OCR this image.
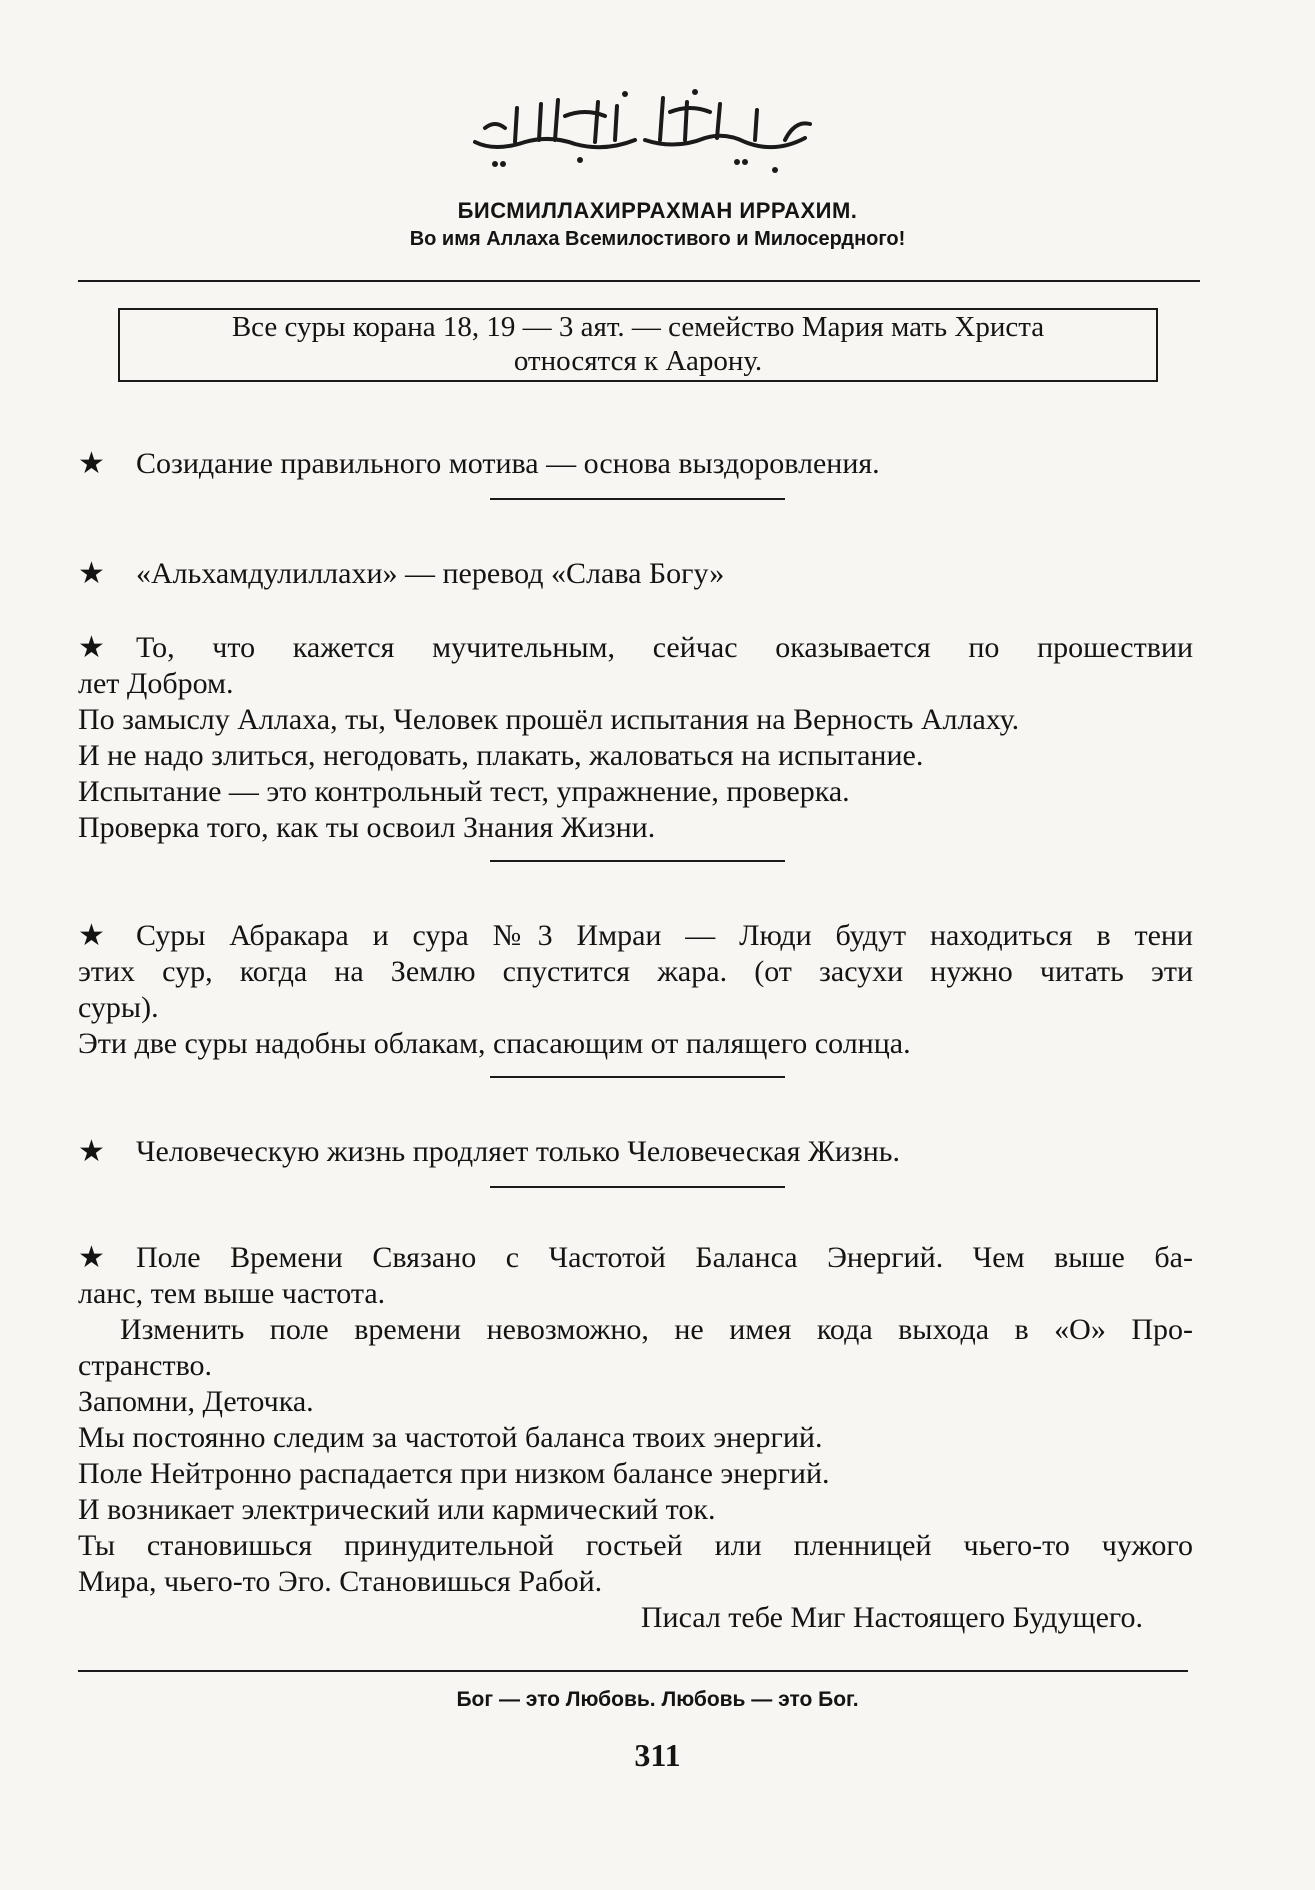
БИСМИЛЛАХИРРАХМАН ИРРАХИМ.
Во имя Аллаха Всемилостивого и Милосердного!
Все суры корана 18, 19 — 3 аят. — семейство Мария мать Христа
относятся к Аарону.
★ Созидание правильного мотива — основа выздоровления.
★ «Альхамдулиллахи» — перевод «Слава Богу»
★ То, что кажется мучительным, сейчас оказывается по прошествии
лет Добром.
По замыслу Аллаха, ты, Человек прошёл испытания на Верность Аллаху.
И не надо злиться, негодовать, плакать, жаловаться на испытание.
Испытание — это контрольный тест, упражнение, проверка.
Проверка того, как ты освоил Знания Жизни.
★ Суры Абракара и сура №3 Имраи — Люди будут находиться в тени
этих сур, когда на Землю спустится жара. (от засухи нужно читать эти
суры).
Эти две суры надобны облакам, спасающим от палящего солнца.
★ Человеческую жизнь продляет только Человеческая Жизнь.
★ Поле Времени Связано с Частотой Баланса Энергий. Чем выше ба-
ланс, тем выше частота.
Изменить поле времени невозможно, не имея кода выхода в «О» Про-
странство.
Запомни, Деточка.
Мы постоянно следим за частотой баланса твоих энергий.
Поле Нейтронно распадается при низком балансе энергий.
И возникает электрический или кармический ток.
Ты становишься принудительной гостьей или пленницей чьего-то чужого
Мира, чьего-то Эго. Становишься Рабой.
Писал тебе Миг Настоящего Будущего.
Бог — это Любовь. Любовь — это Бог.
311
